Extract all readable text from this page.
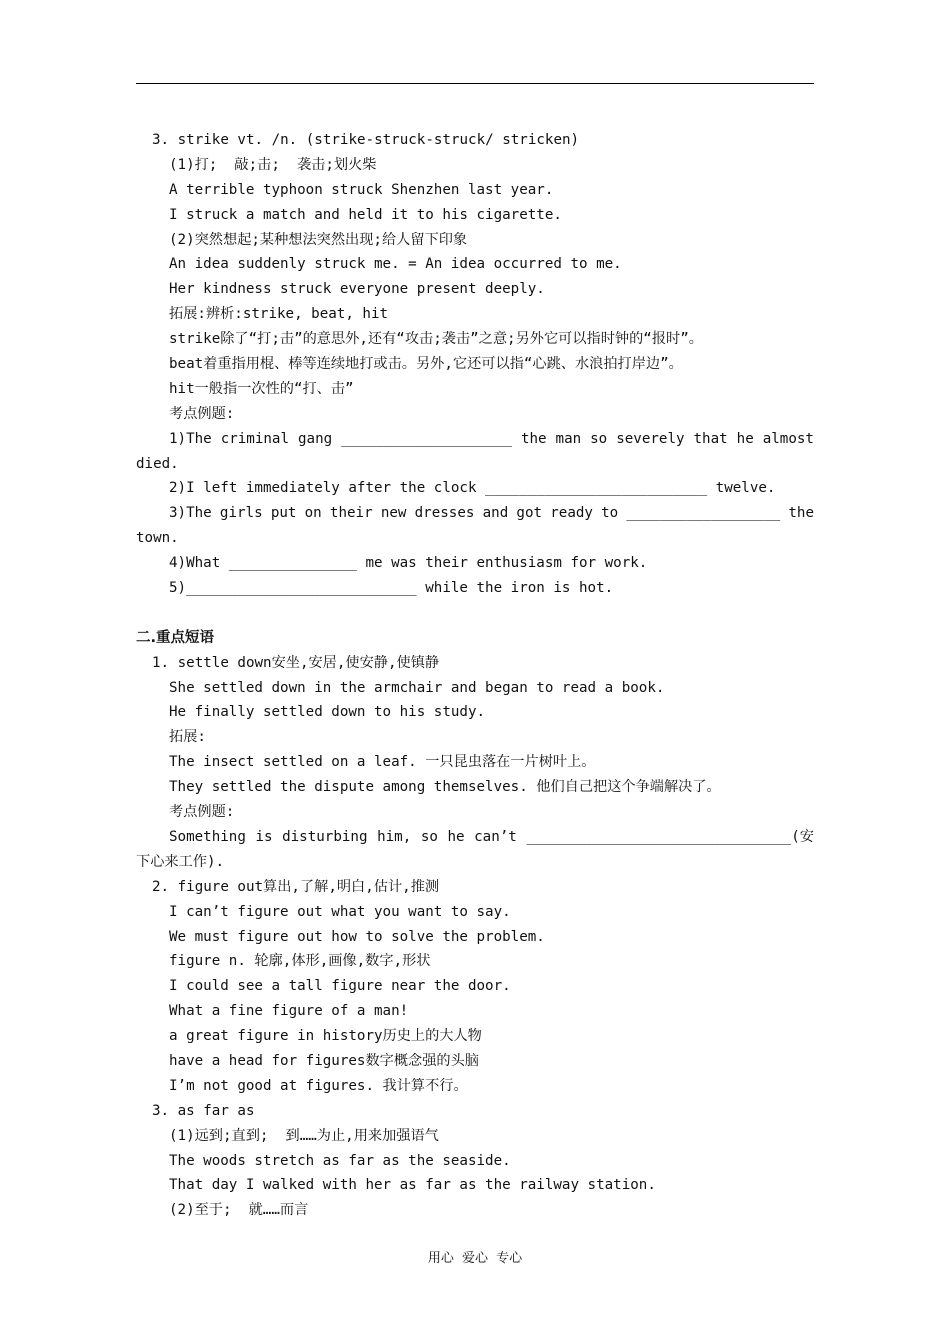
3. strike vt. /n. (strike-struck-struck/ stricken)
(1)打;  敲;击;  袭击;划火柴
A terrible typhoon struck Shenzhen last year.
I struck a match and held it to his cigarette.
(2)突然想起;某种想法突然出现;给人留下印象
An idea suddenly struck me. = An idea occurred to me.
Her kindness struck everyone present deeply.
拓展:辨析:strike, beat, hit
strike除了“打;击”的意思外,还有“攻击;袭击”之意;另外它可以指时钟的“报时”。
beat着重指用棍、棒等连续地打或击。另外,它还可以指“心跳、水浪拍打岸边”。
hit一般指一次性的“打、击”
考点例题:
1)The criminal gang ____________________ the man so severely that he almost
died.
2)I left immediately after the clock __________________________ twelve.
3)The girls put on their new dresses and got ready to __________________ the
town.
4)What _______________ me was their enthusiasm for work.
5)___________________________ while the iron is hot.
二.重点短语
1. settle down安坐,安居,使安静,使镇静
She settled down in the armchair and began to read a book.
He finally settled down to his study.
拓展:
The insect settled on a leaf. 一只昆虫落在一片树叶上。
They settled the dispute among themselves. 他们自己把这个争端解决了。
考点例题:
Something is disturbing him, so he can’t _______________________________(安
下心来工作).
2. figure out算出,了解,明白,估计,推测
I can’t figure out what you want to say.
We must figure out how to solve the problem.
figure n. 轮廓,体形,画像,数字,形状
I could see a tall figure near the door.
What a fine figure of a man!
a great figure in history历史上的大人物
have a head for figures数字概念强的头脑
I’m not good at figures. 我计算不行。
3. as far as
(1)远到;直到;  到……为止,用来加强语气
The woods stretch as far as the seaside.
That day I walked with her as far as the railway station.
(2)至于;  就……而言
用心 爱心 专心
